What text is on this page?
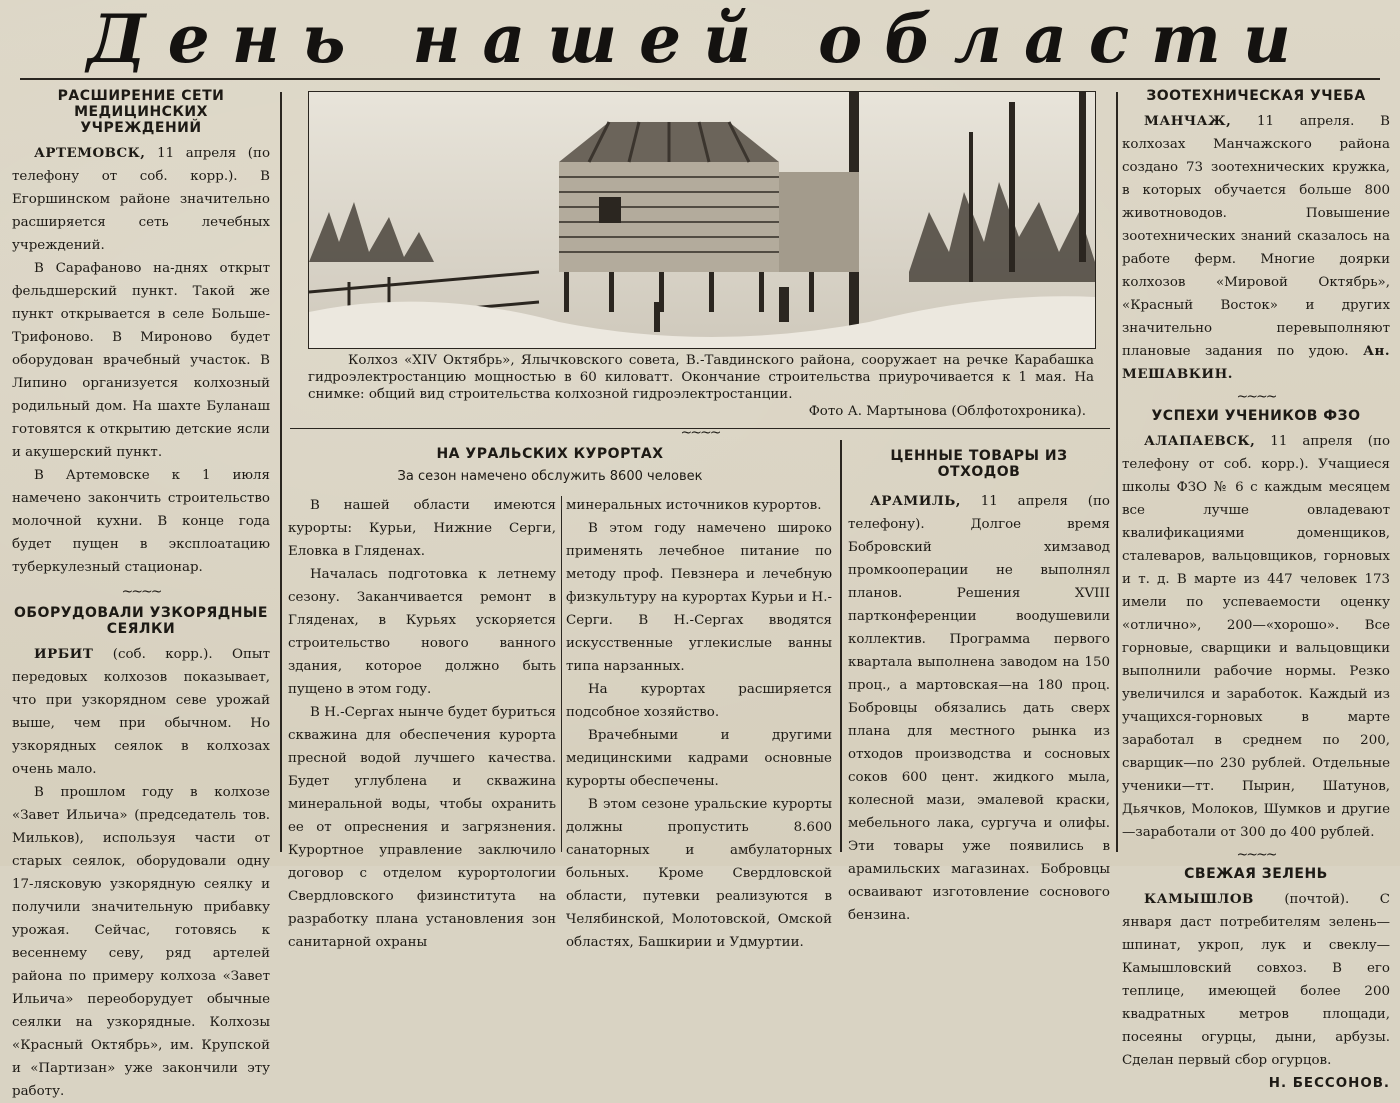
День нашей области
РАСШИРЕНИЕ СЕТИ МЕДИЦИНСКИХ УЧРЕЖДЕНИЙ

АРТЕМОВСК, 11 апреля (по телефону от соб. корр.). В Егоршинском районе значительно расширяется сеть лечебных учреждений.

В Сарафаново на-днях открыт фельдшерский пункт. Такой же пункт открывается в селе Больше-Трифоново. В Мироново будет оборудован врачебный участок. В Липино организуется колхозный родильный дом. На шахте Буланаш готовятся к открытию детские ясли и акушерский пункт.

В Артемовске к 1 июля намечено закончить строительство молочной кухни. В конце года будет пущен в эксплоатацию туберкулезный стационар.

~~~~
ОБОРУДОВАЛИ УЗКОРЯДНЫЕ СЕЯЛКИ

ИРБИТ (соб. корр.). Опыт передовых колхозов показывает, что при узкорядном севе урожай выше, чем при обычном. Но узкорядных сеялок в колхозах очень мало.

В прошлом году в колхозе «Завет Ильича» (председатель тов. Мильков), используя части от старых сеялок, оборудовали одну 17-лясковую узкорядную сеялку и получили значительную прибавку урожая. Сейчас, готовясь к весеннему севу, ряд артелей района по примеру колхоза «Завет Ильича» переоборудует обычные сеялки на узкорядные. Колхозы «Красный Октябрь», им. Крупской и «Партизан» уже закончили эту работу.

Колхоз «XIV Октябрь», Ялычковского совета, В.-Тавдинского района, сооружает на речке Карабашка гидроэлектростанцию мощностью в 60 киловатт. Окончание строительства приурочивается к 1 мая. На снимке: общий вид строительства колхозной гидроэлектростанции.

Фото А. Мартынова (Облфотохроника).

~~~~
НА УРАЛЬСКИХ КУРОРТАХ
За сезон намечено обслужить 8600 человек

В нашей области имеются курорты: Курьи, Нижние Серги, Еловка в Гляденах.

Началась подготовка к летнему сезону. Заканчивается ремонт в Гляденах, в Курьях ускоряется строительство нового ванного здания, которое должно быть пущено в этом году.

В Н.-Сергах нынче будет буриться скважина для обеспечения курорта пресной водой лучшего качества. Будет углублена и скважина минеральной воды, чтобы охранить ее от опреснения и загрязнения. Курортное управление заключило договор с отделом курортологии Свердловского физинститута на разработку плана установления зон санитарной охраны

минеральных источников курортов.

В этом году намечено широко применять лечебное питание по методу проф. Певзнера и лечебную физкультуру на курортах Курьи и Н.-Серги. В Н.-Сергах вводятся искусственные углекислые ванны типа нарзанных.

На курортах расширяется подсобное хозяйство.

Врачебными и другими медицинскими кадрами основные курорты обеспечены.

В этом сезоне уральские курорты должны пропустить 8.600 санаторных и амбулаторных больных. Кроме Свердловской области, путевки реализуются в Челябинской, Молотовской, Омской областях, Башкирии и Удмуртии.

ЦЕННЫЕ ТОВАРЫ ИЗ ОТХОДОВ

АРАМИЛЬ, 11 апреля (по телефону). Долгое время Бобровский химзавод промкооперации не выполнял планов. Решения XVIII партконференции воодушевили коллектив. Программа первого квартала выполнена заводом на 150 проц., а мартовская—на 180 проц. Бобровцы обязались дать сверх плана для местного рынка из отходов производства и сосновых соков 600 цент. жидкого мыла, колесной мази, эмалевой краски, мебельного лака, сургуча и олифы. Эти товары уже появились в арамильских магазинах. Бобровцы осваивают изготовление соснового бензина.

ЗООТЕХНИЧЕСКАЯ УЧЕБА

МАНЧАЖ, 11 апреля. В колхозах Манчажского района создано 73 зоотехнических кружка, в которых обучается больше 800 животноводов. Повышение зоотехнических знаний сказалось на работе ферм. Многие доярки колхозов «Мировой Октябрь», «Красный Восток» и других значительно перевыполняют плановые задания по удою. Ан. МЕШАВКИН.

~~~~
УСПЕХИ УЧЕНИКОВ ФЗО

АЛАПАЕВСК, 11 апреля (по телефону от соб. корр.). Учащиеся школы ФЗО № 6 с каждым месяцем все лучше овладевают квалификациями доменщиков, сталеваров, вальцовщиков, горновых и т. д. В марте из 447 человек 173 имели по успеваемости оценку «отлично», 200—«хорошо». Все горновые, сварщики и вальцовщики выполнили рабочие нормы. Резко увеличился и заработок. Каждый из учащихся-горновых в марте заработал в среднем по 200, сварщик—по 230 рублей. Отдельные ученики—тт. Пырин, Шатунов, Дьячков, Молоков, Шумков и другие—заработали от 300 до 400 рублей.

~~~~
СВЕЖАЯ ЗЕЛЕНЬ

КАМЫШЛОВ (почтой). С января даст потребителям зелень—шпинат, укроп, лук и свеклу—Камышловский совхоз. В его теплице, имеющей более 200 квадратных метров площади, посеяны огурцы, дыни, арбузы. Сделан первый сбор огурцов.

Н. БЕССОНОВ.
